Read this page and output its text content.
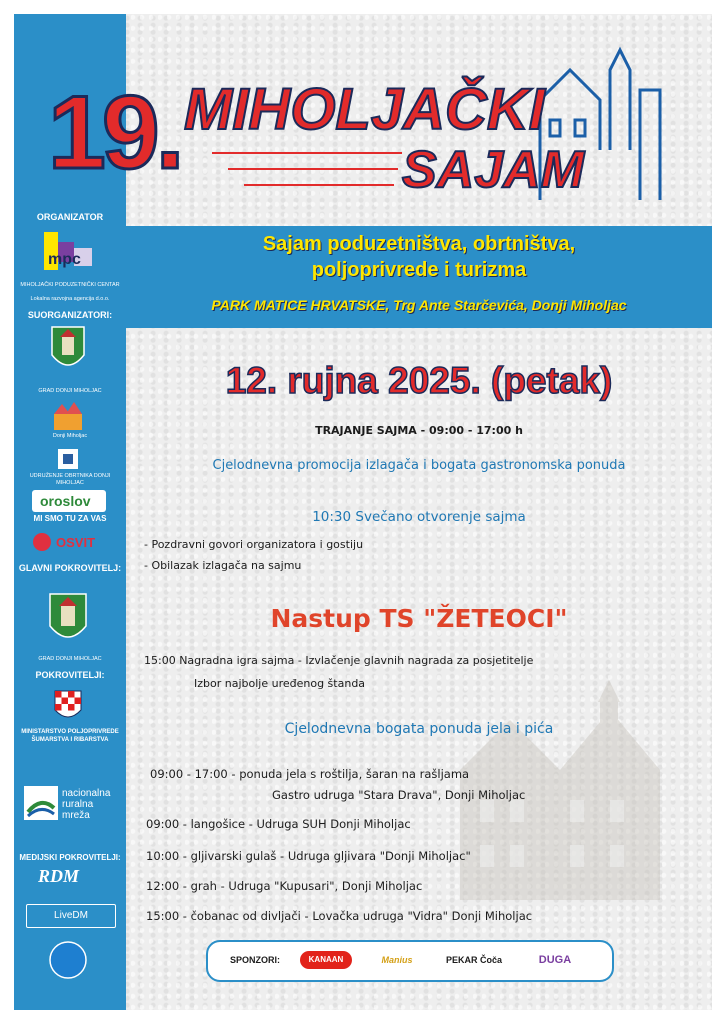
ORGANIZATOR
mpc
MIHOLJAČKI PODUZETNIČKI CENTAR
Lokalna razvojna agencija d.o.o.
SUORGANIZATORI:
GRAD DONJI MIHOLJAC
Donji Miholjac
UDRUŽENJE OBRTNIKA DONJI MIHOLJAC
oroslov
MI SMO TU ZA VAS
OSVIT
GLAVNI POKROVITELJ:
GRAD DONJI MIHOLJAC
POKROVITELJI:
MINISTARSTVO POLJOPRIVREDE ŠUMARSTVA I RIBARSTVA
nacionalna ruralna mreža
MEDIJSKI POKROVITELJI:
RDM
LiveDM
19. MIHOLJAČKI
SAJAM
Sajam poduzetništva, obrtništva,
poljoprivrede i turizma
PARK MATICE HRVATSKE, Trg Ante Starčevića, Donji Miholjac
12. rujna 2025. (petak)
TRAJANJE SAJMA - 09:00 - 17:00 h
Cjelodnevna promocija izlagača i bogata gastronomska ponuda
10:30 Svečano otvorenje sajma
- Pozdravni govori organizatora i gostiju
- Obilazak izlagača na sajmu
Nastup TS "ŽETEOCI"
15:00 Nagradna igra sajma - Izvlačenje glavnih nagrada za posjetitelje
Izbor najbolje uređenog štanda
Cjelodnevna bogata ponuda jela i pića
09:00 - 17:00 - ponuda jela s roštilja, šaran na rašljama
Gastro udruga "Stara Drava", Donji Miholjac
09:00 - langošice - Udruga SUH Donji Miholjac
10:00 - gljivarski gulaš - Udruga gljivara "Donji Miholjac"
12:00 - grah - Udruga "Kupusari", Donji Miholjac
15:00 - čobanac od divljači - Lovačka udruga "Vidra" Donji Miholjac
SPONZORI:	KANAAN	Manius	PEKAR Čoča	DUGA
